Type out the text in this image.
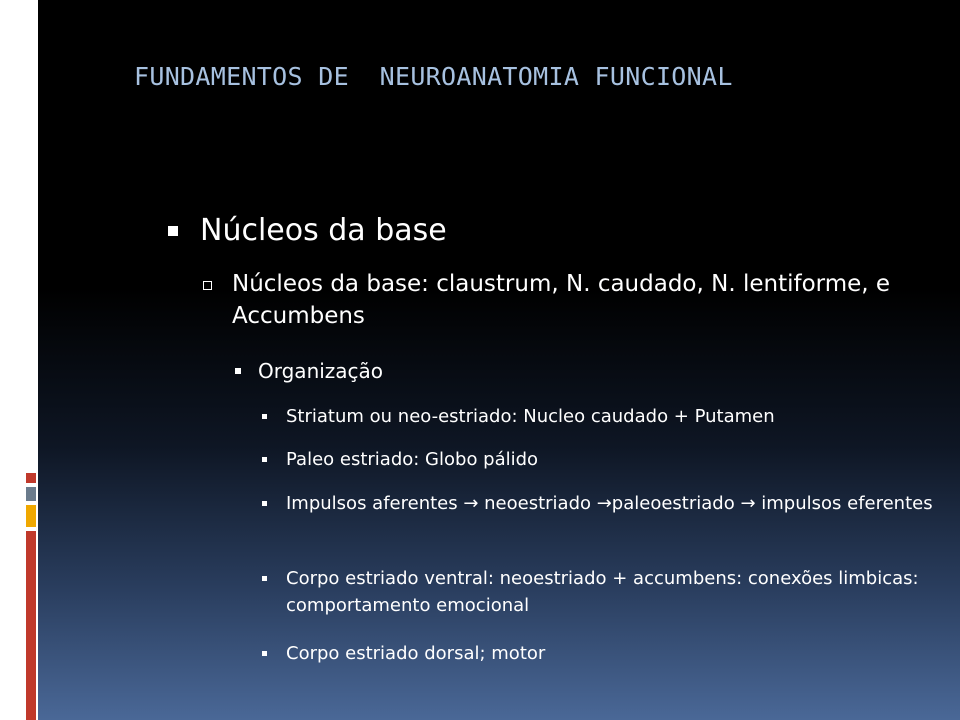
FUNDAMENTOS DE  NEUROANATOMIA FUNCIONAL
Núcleos da base
Núcleos da base: claustrum, N. caudado, N. lentiforme, e Accumbens
Organização
Striatum ou neo-estriado: Nucleo caudado + Putamen
Paleo estriado: Globo pálido
Impulsos aferentes → neoestriado →paleoestriado → impulsos eferentes
Corpo estriado ventral: neoestriado + accumbens: conexões limbicas: comportamento emocional
Corpo estriado dorsal; motor
